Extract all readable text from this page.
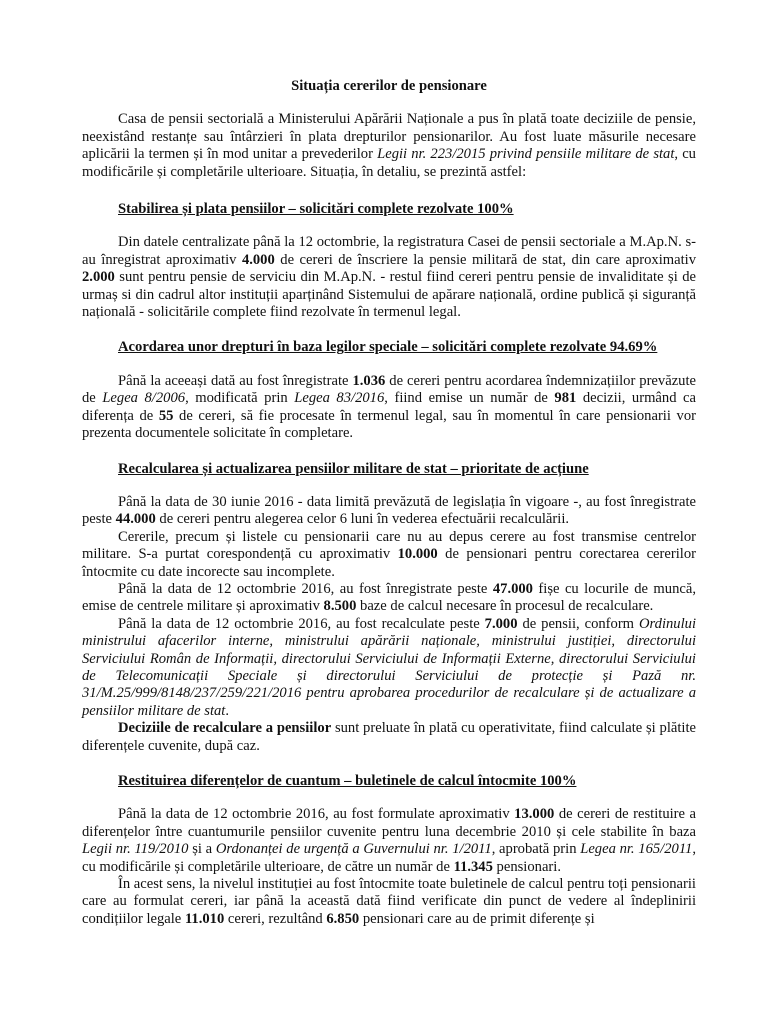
Situația cererilor de pensionare

Casa de pensii sectorială a Ministerului Apărării Naționale a pus în plată toate deciziile de pensie, neexistând restanțe sau întârzieri în plata drepturilor pensionarilor. Au fost luate măsurile necesare aplicării la termen și în mod unitar a prevederilor Legii nr. 223/2015 privind pensiile militare de stat, cu modificările și completările ulterioare. Situația, în detaliu, se prezintă astfel:

Stabilirea și plata pensiilor – solicitări complete rezolvate 100%

Din datele centralizate până la 12 octombrie, la registratura Casei de pensii sectoriale a M.Ap.N. s-au înregistrat aproximativ 4.000 de cereri de înscriere la pensie militară de stat, din care aproximativ 2.000 sunt pentru pensie de serviciu din M.Ap.N. - restul fiind cereri pentru pensie de invaliditate și de urmaș si din cadrul altor instituții aparținând Sistemului de apărare națională, ordine publică și siguranță națională - solicitările complete fiind rezolvate în termenul legal.

Acordarea unor drepturi în baza legilor speciale – solicitări complete rezolvate 94.69%

Până la aceeași dată au fost înregistrate 1.036 de cereri pentru acordarea îndemnizațiilor prevăzute de Legea 8/2006, modificată prin Legea 83/2016, fiind emise un număr de 981 decizii, urmând ca diferența de 55 de cereri, să fie procesate în termenul legal, sau în momentul în care pensionarii vor prezenta documentele solicitate în completare.

Recalcularea și actualizarea pensiilor militare de stat – prioritate de acțiune

Până la data de 30 iunie 2016 - data limită prevăzută de legislația în vigoare -, au fost înregistrate peste 44.000 de cereri pentru alegerea celor 6 luni în vederea efectuării recalculării.

Cererile, precum și listele cu pensionarii care nu au depus cerere au fost transmise centrelor militare. S-a purtat corespondență cu aproximativ 10.000 de pensionari pentru corectarea cererilor întocmite cu date incorecte sau incomplete.

Până la data de 12 octombrie 2016, au fost înregistrate peste 47.000 fișe cu locurile de muncă, emise de centrele militare și aproximativ 8.500 baze de calcul necesare în procesul de recalculare.

Până la data de 12 octombrie 2016, au fost recalculate peste 7.000 de pensii, conform Ordinului ministrului afacerilor interne, ministrului apărării naționale, ministrului justiției, directorului Serviciului Român de Informații, directorului Serviciului de Informații Externe, directorului Serviciului de Telecomunicații Speciale și directorului Serviciului de protecție și Pază nr. 31/M.25/999/8148/237/259/221/2016 pentru aprobarea procedurilor de recalculare și de actualizare a pensiilor militare de stat.

Deciziile de recalculare a pensiilor sunt preluate în plată cu operativitate, fiind calculate și plătite diferențele cuvenite, după caz.

Restituirea diferențelor de cuantum – buletinele de calcul întocmite 100%

Până la data de 12 octombrie 2016, au fost formulate aproximativ 13.000 de cereri de restituire a diferențelor între cuantumurile pensiilor cuvenite pentru luna decembrie 2010 și cele stabilite în baza Legii nr. 119/2010 și a Ordonanței de urgență a Guvernului nr. 1/2011, aprobată prin Legea nr. 165/2011, cu modificările și completările ulterioare, de către un număr de 11.345 pensionari.

În acest sens, la nivelul instituției au fost întocmite toate buletinele de calcul pentru toți pensionarii care au formulat cereri, iar până la această dată fiind verificate din punct de vedere al îndeplinirii condițiilor legale 11.010 cereri, rezultând 6.850 pensionari care au de primit diferențe și
